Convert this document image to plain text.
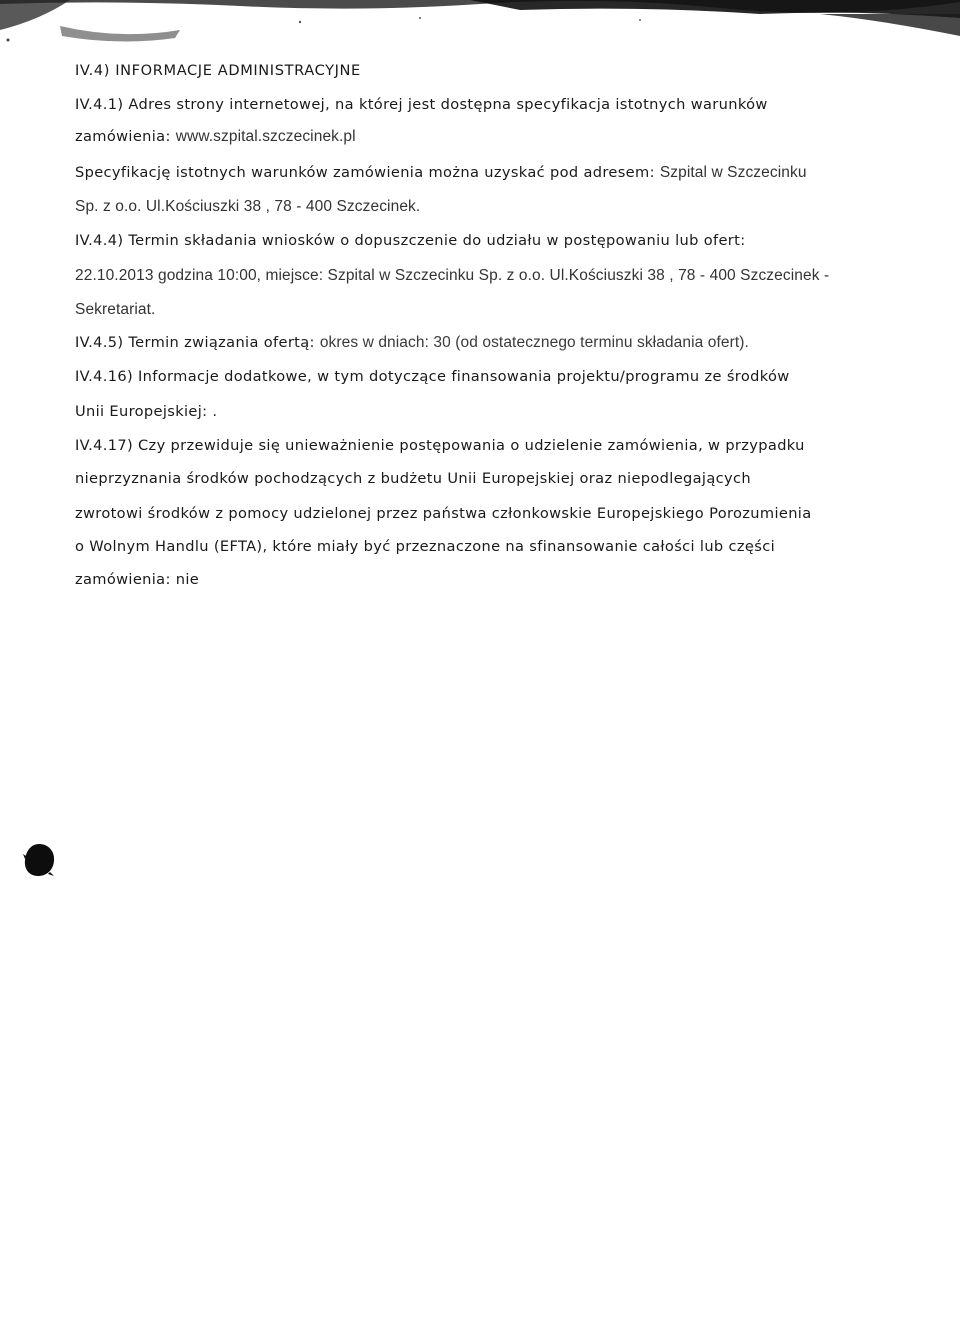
IV.4) INFORMACJE ADMINISTRACYJNE
IV.4.1) Adres strony internetowej, na której jest dostępna specyfikacja istotnych warunków
zamówienia: www.szpital.szczecinek.pl
Specyfikację istotnych warunków zamówienia można uzyskać pod adresem: Szpital w Szczecinku
Sp. z o.o. Ul.Kościuszki 38 , 78 - 400 Szczecinek.
IV.4.4) Termin składania wniosków o dopuszczenie do udziału w postępowaniu lub ofert:
22.10.2013 godzina 10:00, miejsce: Szpital w Szczecinku Sp. z o.o. Ul.Kościuszki 38 , 78 - 400 Szczecinek -
Sekretariat.
IV.4.5) Termin związania ofertą: okres w dniach: 30 (od ostatecznego terminu składania ofert).
IV.4.16) Informacje dodatkowe, w tym dotyczące finansowania projektu/programu ze środków
Unii Europejskiej: .
IV.4.17) Czy przewiduje się unieważnienie postępowania o udzielenie zamówienia, w przypadku
nieprzyznania środków pochodzących z budżetu Unii Europejskiej oraz niepodlegających
zwrotowi środków z pomocy udzielonej przez państwa członkowskie Europejskiego Porozumienia
o Wolnym Handlu (EFTA), które miały być przeznaczone na sfinansowanie całości lub części
zamówienia: nie
